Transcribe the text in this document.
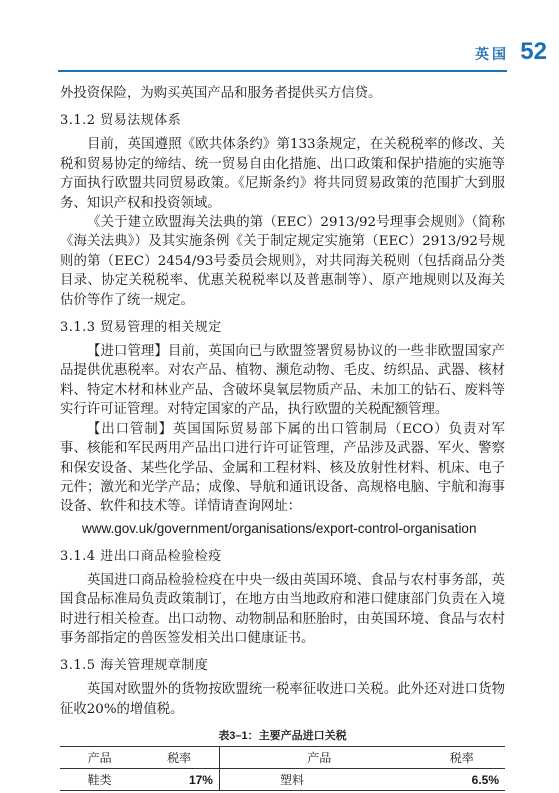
英国 52

外投资保险，为购买英国产品和服务者提供买方信贷。

3.1.2 贸易法规体系

目前，英国遵照《欧共体条约》第133条规定，在关税税率的修改、关税和贸易协定的缔结、统一贸易自由化措施、出口政策和保护措施的实施等方面执行欧盟共同贸易政策。《尼斯条约》将共同贸易政策的范围扩大到服务、知识产权和投资领域。

《关于建立欧盟海关法典的第（EEC）2913/92号理事会规则》（简称《海关法典》）及其实施条例《关于制定规定实施第（EEC）2913/92号规则的第（EEC）2454/93号委员会规则》，对共同海关税则（包括商品分类目录、协定关税税率、优惠关税税率以及普惠制等）、原产地规则以及海关估价等作了统一规定。

3.1.3 贸易管理的相关规定

【进口管理】目前，英国向已与欧盟签署贸易协议的一些非欧盟国家产品提供优惠税率。对农产品、植物、濒危动物、毛皮、纺织品、武器、核材料、特定木材和林业产品、含破坏臭氧层物质产品、未加工的钻石、废料等实行许可证管理。对特定国家的产品，执行欧盟的关税配额管理。

【出口管制】英国国际贸易部下属的出口管制局（ECO）负责对军事、核能和军民两用产品出口进行许可证管理，产品涉及武器、军火、警察和保安设备、某些化学品、金属和工程材料、核及放射性材料、机床、电子元件；激光和光学产品；成像、导航和通讯设备、高规格电脑、宇航和海事设备、软件和技术等。详情请查询网址：

www.gov.uk/government/organisations/export-control-organisation
3.1.4 进出口商品检验检疫

英国进口商品检验检疫在中央一级由英国环境、食品与农村事务部，英国食品标准局负责政策制订，在地方由当地政府和港口健康部门负责在入境时进行相关检查。出口动物、动物制品和胚胎时，由英国环境、食品与农村事务部指定的兽医签发相关出口健康证书。

3.1.5 海关管理规章制度

英国对欧盟外的货物按欧盟统一税率征收进口关税。此外还对进口货物征收20%的增值税。

表3–1：主要产品进口关税
产品	税率	产品	税率
鞋类	17%	塑料	6.5%
